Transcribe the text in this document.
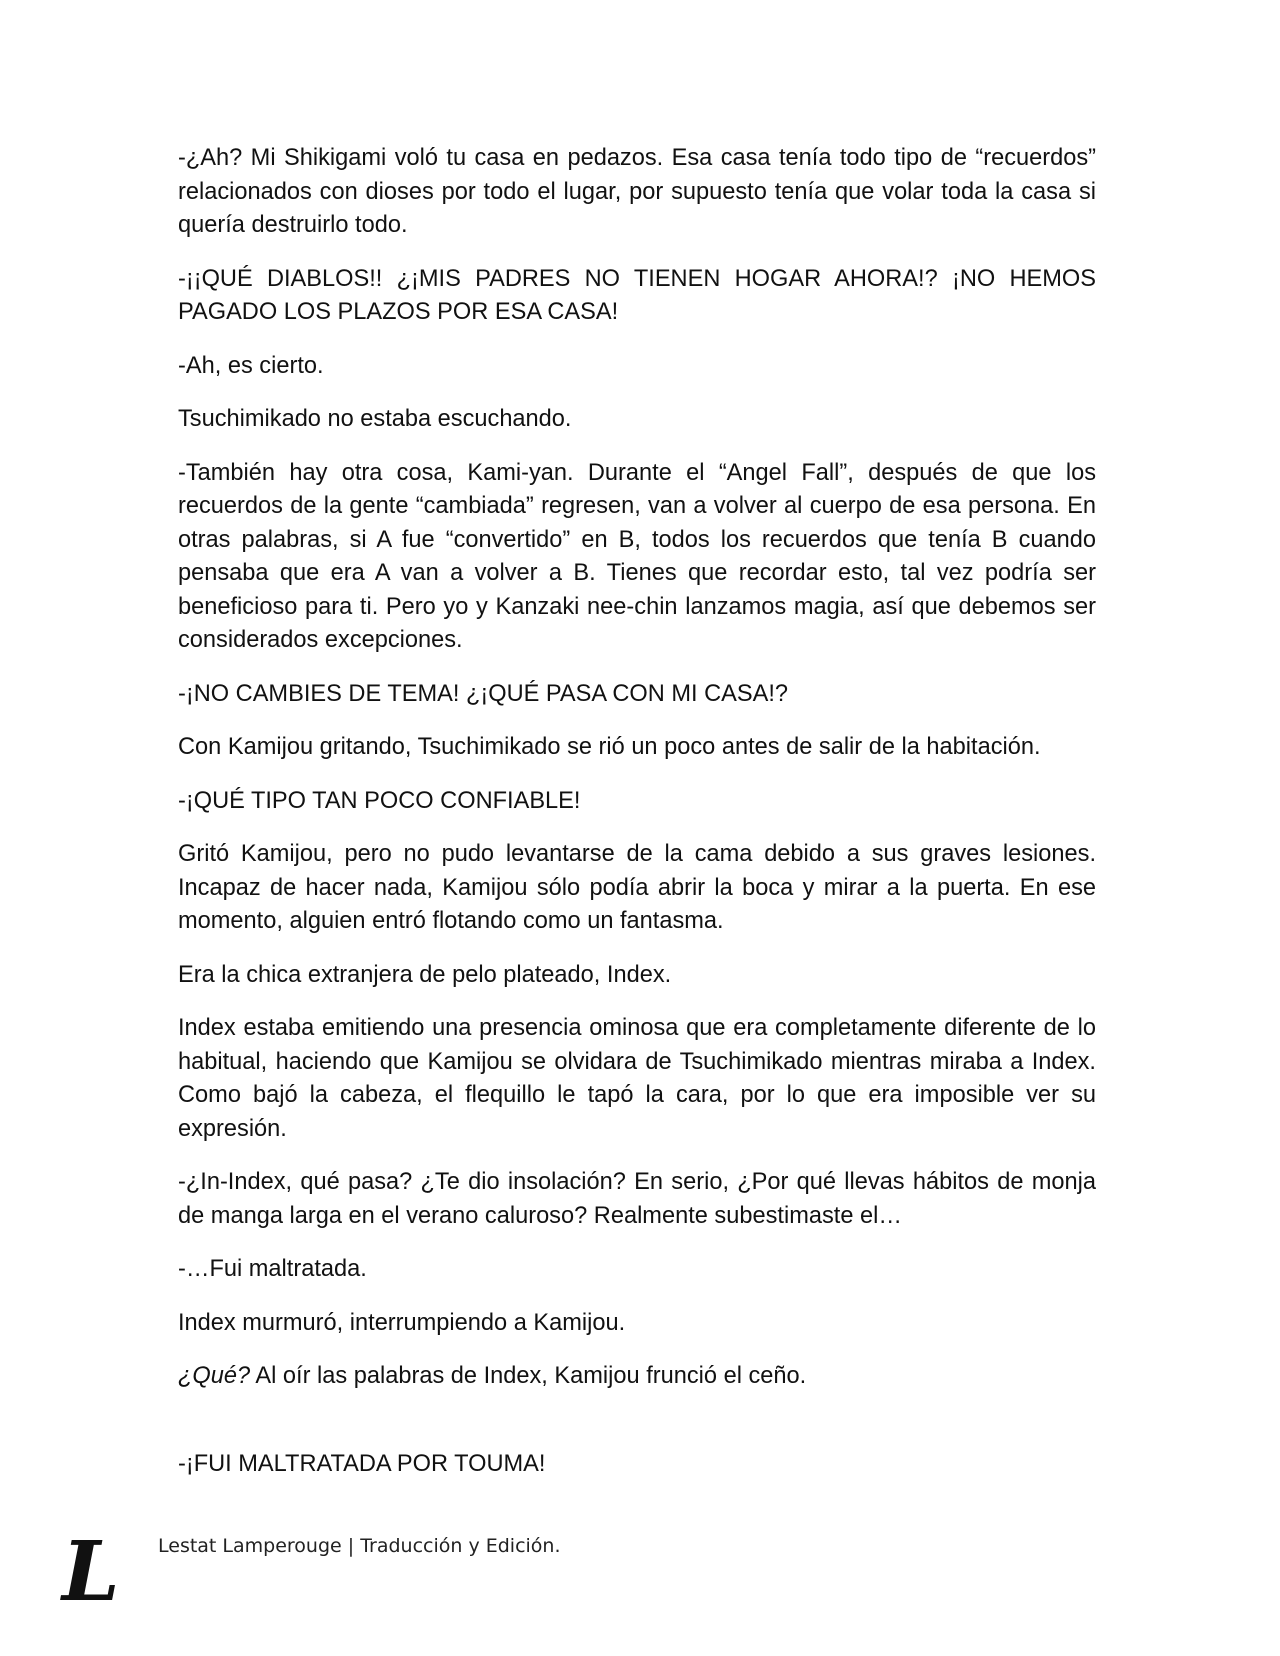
-¿Ah? Mi Shikigami voló tu casa en pedazos. Esa casa tenía todo tipo de “recuerdos” relacionados con dioses por todo el lugar, por supuesto tenía que volar toda la casa si quería destruirlo todo.

-¡¡QUÉ DIABLOS!! ¿¡MIS PADRES NO TIENEN HOGAR AHORA!? ¡NO HEMOS PAGADO LOS PLAZOS POR ESA CASA!

-Ah, es cierto.

Tsuchimikado no estaba escuchando.

-También hay otra cosa, Kami-yan. Durante el “Angel Fall”, después de que los recuerdos de la gente “cambiada” regresen, van a volver al cuerpo de esa persona. En otras palabras, si A fue “convertido” en B, todos los recuerdos que tenía B cuando pensaba que era A van a volver a B. Tienes que recordar esto, tal vez podría ser beneficioso para ti. Pero yo y Kanzaki nee-chin lanzamos magia, así que debemos ser considerados excepciones.

-¡NO CAMBIES DE TEMA! ¿¡QUÉ PASA CON MI CASA!?

Con Kamijou gritando, Tsuchimikado se rió un poco antes de salir de la habitación.

-¡QUÉ TIPO TAN POCO CONFIABLE!

Gritó Kamijou, pero no pudo levantarse de la cama debido a sus graves lesiones. Incapaz de hacer nada, Kamijou sólo podía abrir la boca y mirar a la puerta. En ese momento, alguien entró flotando como un fantasma.

Era la chica extranjera de pelo plateado, Index.

Index estaba emitiendo una presencia ominosa que era completamente diferente de lo habitual, haciendo que Kamijou se olvidara de Tsuchimikado mientras miraba a Index. Como bajó la cabeza, el flequillo le tapó la cara, por lo que era imposible ver su expresión.

-¿In-Index, qué pasa? ¿Te dio insolación? En serio, ¿Por qué llevas hábitos de monja de manga larga en el verano caluroso? Realmente subestimaste el…

-…Fui maltratada.

Index murmuró, interrumpiendo a Kamijou.

¿Qué? Al oír las palabras de Index, Kamijou frunció el ceño.

-¡FUI MALTRATADA POR TOUMA!

L	Lestat Lamperouge | Traducción y Edición.
